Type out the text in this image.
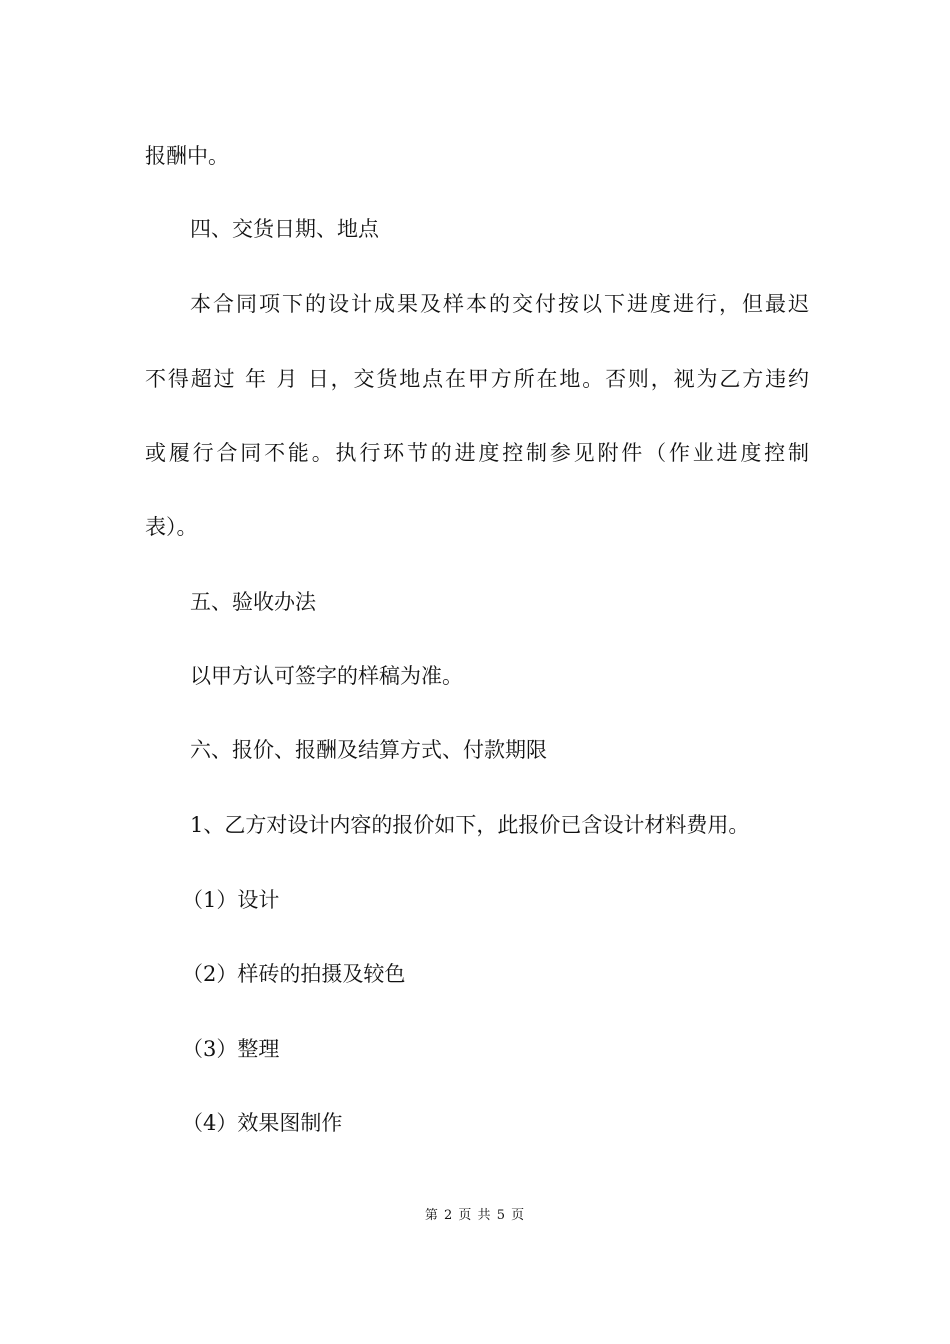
报酬中。
四、交货日期、地点
本合同项下的设计成果及样本的交付按以下进度进行，但最迟
不得超过 年 月 日，交货地点在甲方所在地。否则，视为乙方违约
或履行合同不能。执行环节的进度控制参见附件（作业进度控制
表）。
五、验收办法
以甲方认可签字的样稿为准。
六、报价、报酬及结算方式、付款期限
1、乙方对设计内容的报价如下，此报价已含设计材料费用。
（1）设计
（2）样砖的拍摄及较色
（3）整理
（4）效果图制作
第 2 页 共 5 页
